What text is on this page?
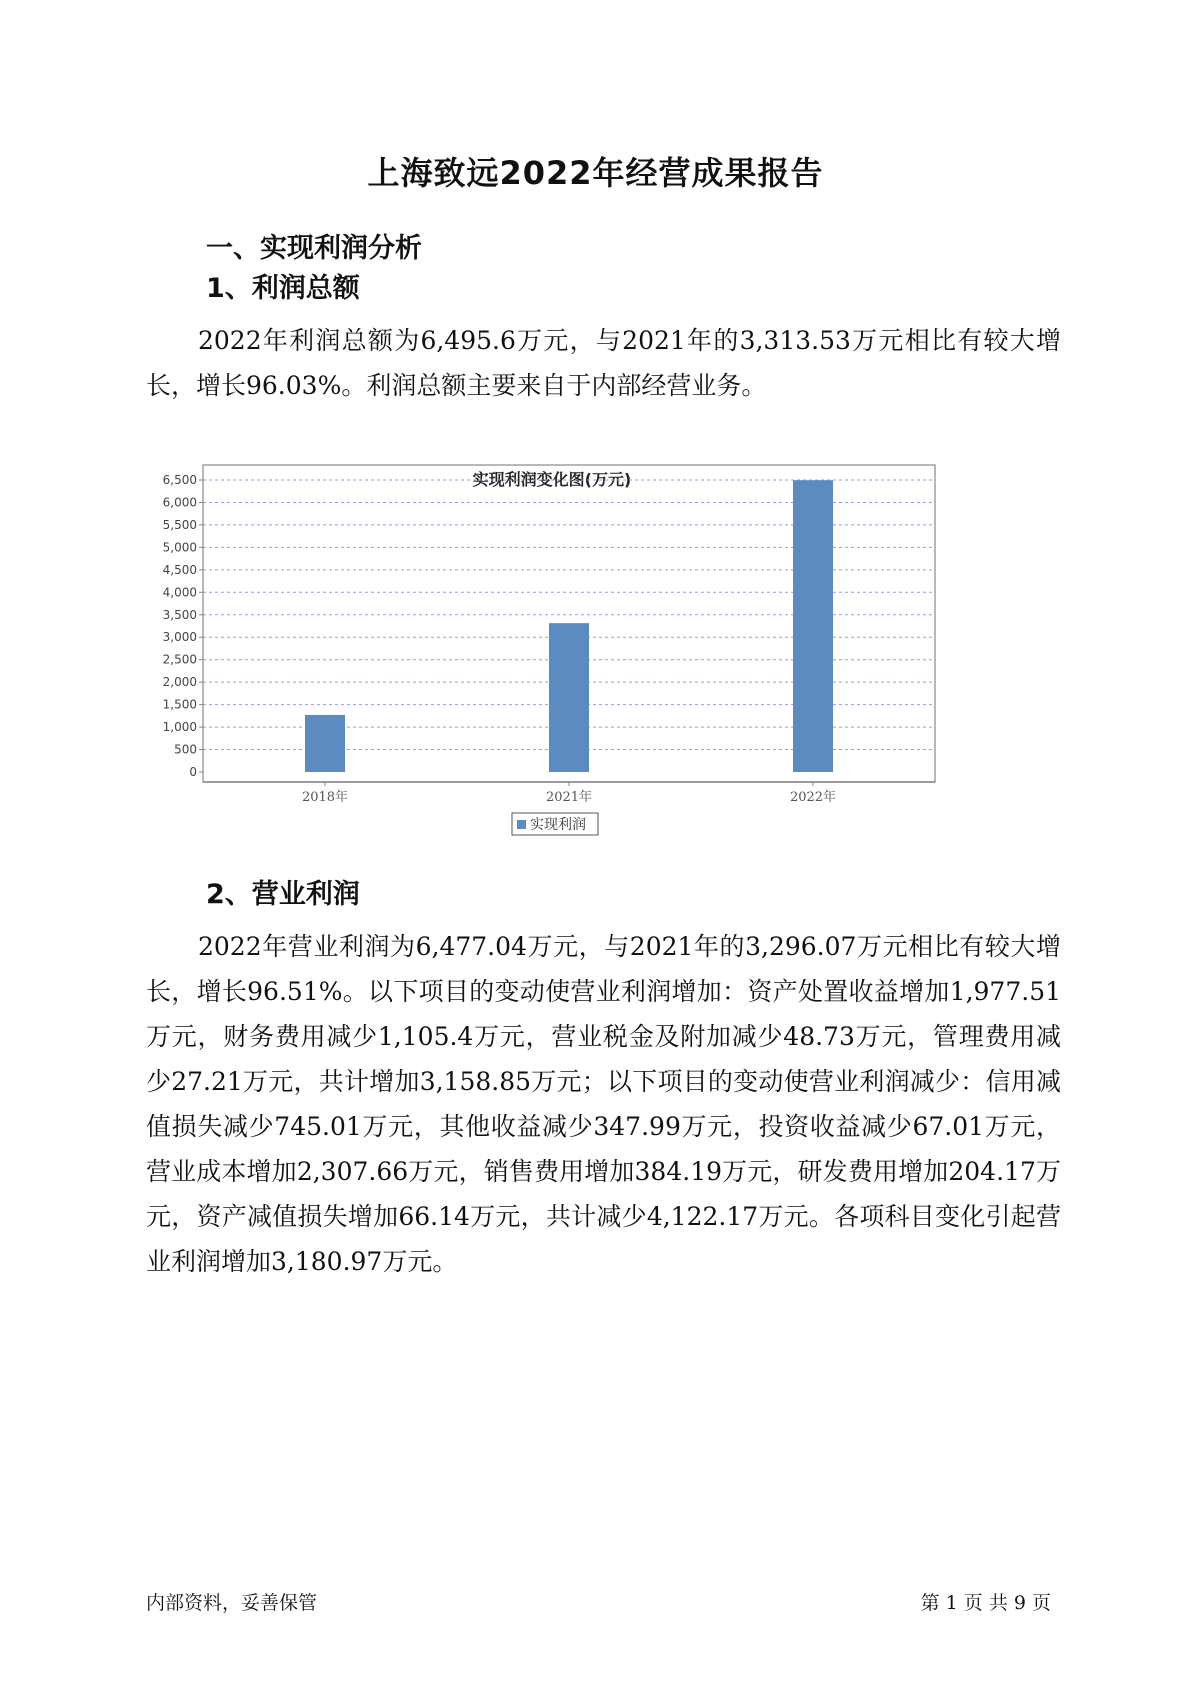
上海致远2022年经营成果报告
一、实现利润分析
1、利润总额

2022年利润总额为6,495.6万元，与2021年的3,313.53万元相比有较大增长，增长96.03%。利润总额主要来自于内部经营业务。

实现利润变化图(万元)
0
500
1,000
1,500
2,000
2,500
3,000
3,500
4,000
4,500
5,000
5,500
6,000
6,500
2018年	2021年	2022年
实现利润
2、营业利润

2022年营业利润为6,477.04万元，与2021年的3,296.07万元相比有较大增长，增长96.51%。以下项目的变动使营业利润增加：资产处置收益增加1,977.51万元，财务费用减少1,105.4万元，营业税金及附加减少48.73万元，管理费用减少27.21万元，共计增加3,158.85万元；以下项目的变动使营业利润减少：信用减值损失减少745.01万元，其他收益减少347.99万元，投资收益减少67.01万元，营业成本增加2,307.66万元，销售费用增加384.19万元，研发费用增加204.17万元，资产减值损失增加66.14万元，共计减少4,122.17万元。各项科目变化引起营业利润增加3,180.97万元。

内部资料，妥善保管	第 1 页 共 9 页
